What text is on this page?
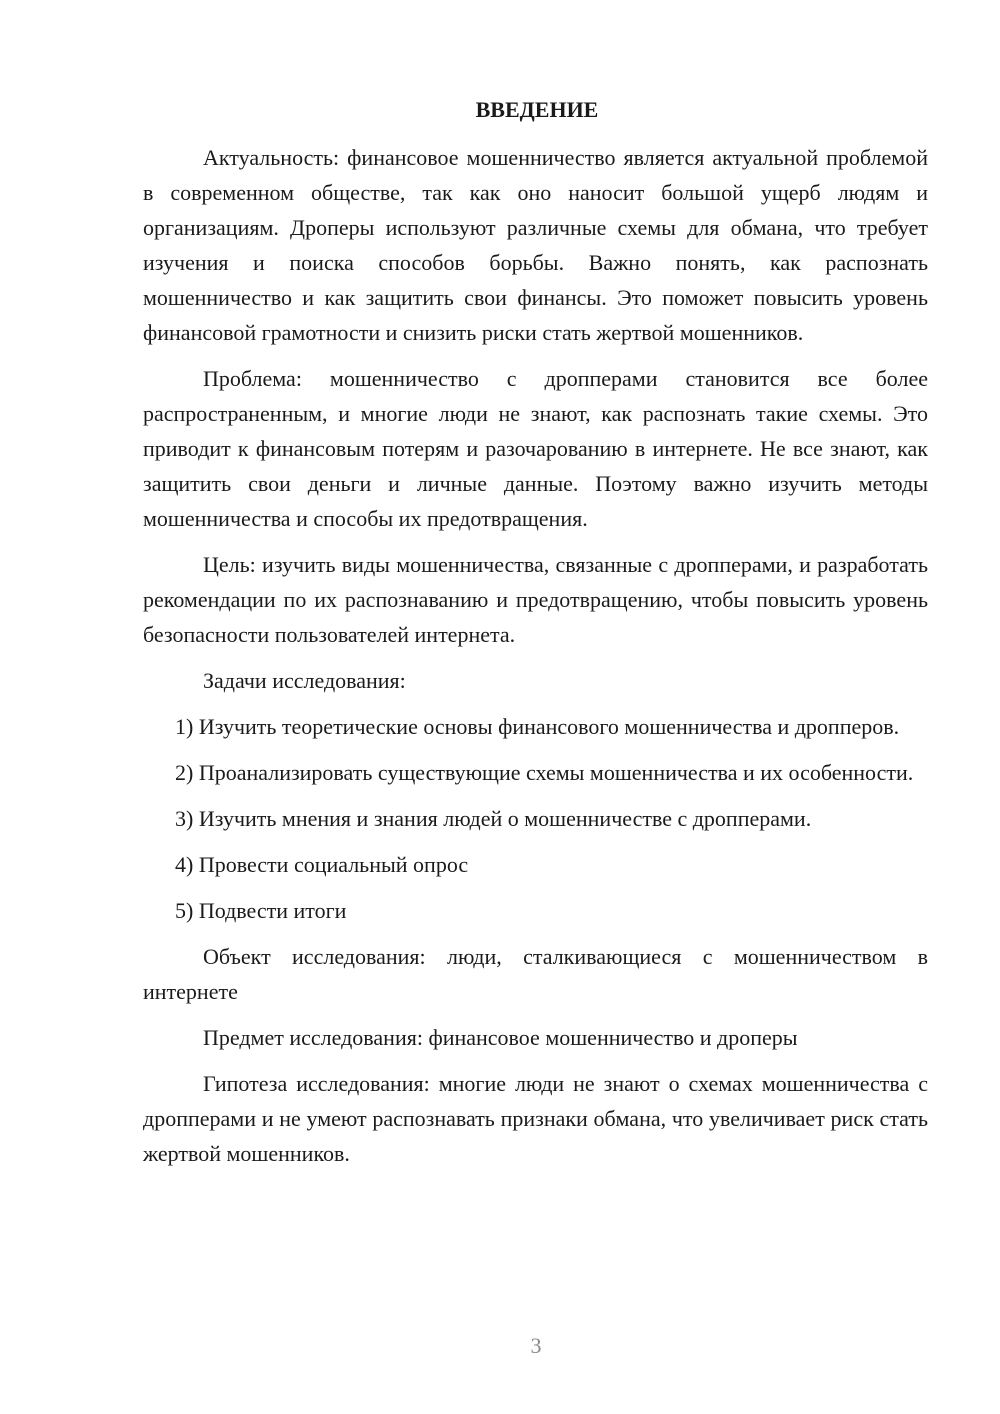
ВВЕДЕНИЕ

Актуальность: финансовое мошенничество является актуальной проблемой в современном обществе, так как оно наносит большой ущерб людям и организациям. Дроперы используют различные схемы для обмана, что требует изучения и поиска способов борьбы. Важно понять, как распознать мошенничество и как защитить свои финансы. Это поможет повысить уровень финансовой грамотности и снизить риски стать жертвой мошенников.

Проблема: мошенничество с дропперами становится все более распространенным, и многие люди не знают, как распознать такие схемы. Это приводит к финансовым потерям и разочарованию в интернете. Не все знают, как защитить свои деньги и личные данные. Поэтому важно изучить методы мошенничества и способы их предотвращения.

Цель: изучить виды мошенничества, связанные с дропперами, и разработать рекомендации по их распознаванию и предотвращению, чтобы повысить уровень безопасности пользователей интернета.

Задачи исследования:

1) Изучить теоретические основы финансового мошенничества и дропперов.

2) Проанализировать существующие схемы мошенничества и их особенности.

3) Изучить мнения и знания людей о мошенничестве с дропперами.

4) Провести социальный опрос

5) Подвести итоги

Объект исследования: люди, сталкивающиеся с мошенничеством в интернете

Предмет исследования: финансовое мошенничество и дроперы

Гипотеза исследования: многие люди не знают о схемах мошенничества с дропперами и не умеют распознавать признаки обмана, что увеличивает риск стать жертвой мошенников.

3
